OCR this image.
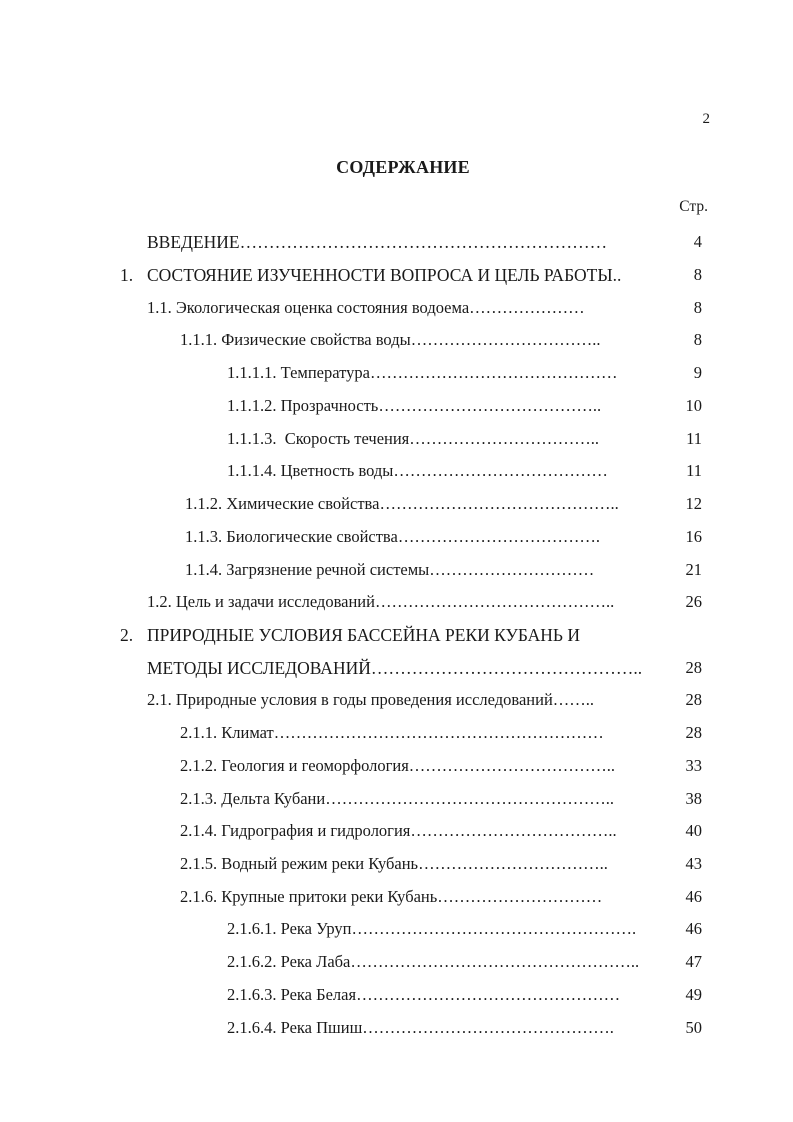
2
СОДЕРЖАНИЕ
Стр.
ВВЕДЕНИЕ………………………………………………………	4
1. СОСТОЯНИЕ ИЗУЧЕННОСТИ ВОПРОСА И ЦЕЛЬ РАБОТЫ..	8
1.1. Экологическая оценка состояния водоема…………………	8
1.1.1. Физические свойства воды……………………………..	8
1.1.1.1. Температура………………………………………	9
1.1.1.2. Прозрачность…………………………………..	10
1.1.1.3.  Скорость течения……………………………..	11
1.1.1.4. Цветность воды…………………………………	11
1.1.2. Химические свойства……………………………………..	12
1.1.3. Биологические свойства……………………………….	16
1.1.4. Загрязнение речной системы…………………………	21
1.2. Цель и задачи исследований……………………………………..	26
2. ПРИРОДНЫЕ УСЛОВИЯ БАССЕЙНА РЕКИ КУБАНЬ И
МЕТОДЫ ИССЛЕДОВАНИЙ………………………………………..	28
2.1. Природные условия в годы проведения исследований……..	28
2.1.1. Климат……………………………………………………	28
2.1.2. Геология и геоморфология………………………………..	33
2.1.3. Дельта Кубани……………………………………………..	38
2.1.4. Гидрография и гидрология………………………………..	40
2.1.5. Водный режим реки Кубань……………………………..	43
2.1.6. Крупные притоки реки Кубань…………………………	46
2.1.6.1. Река Уруп…………………………………………….	46
2.1.6.2. Река Лаба……………………………………………..	47
2.1.6.3. Река Белая…………………………………………	49
2.1.6.4. Река Пшиш……………………………………….	50
